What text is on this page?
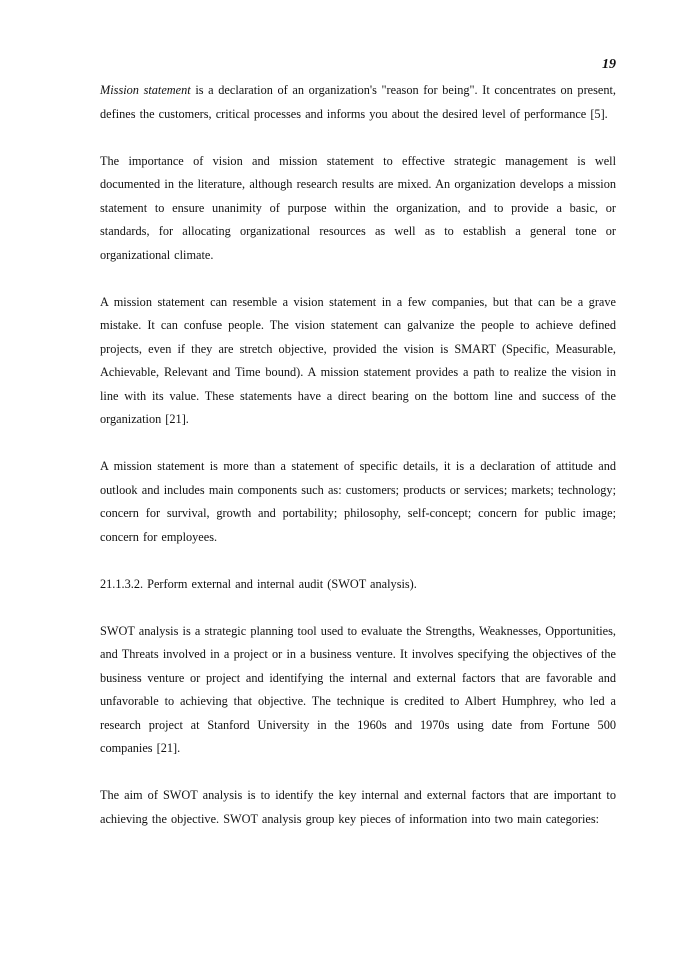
19

Mission statement is a declaration of an organization's "reason for being". It concentrates on present, defines the customers, critical processes and informs you about the desired level of performance [5].

The importance of vision and mission statement to effective strategic management is well documented in the literature, although research results are mixed. An organization develops a mission statement to ensure unanimity of purpose within the organization, and to provide a basic, or standards, for allocating organizational resources as well as to establish a general tone or organizational climate.

A mission statement can resemble a vision statement in a few companies, but that can be a grave mistake. It can confuse people. The vision statement can galvanize the people to achieve defined projects, even if they are stretch objective, provided the vision is SMART (Specific, Measurable, Achievable, Relevant and Time bound). A mission statement provides a path to realize the vision in line with its value. These statements have a direct bearing on the bottom line and success of the organization [21].

A mission statement is more than a statement of specific details, it is a declaration of attitude and outlook and includes main components such as: customers; products or services; markets; technology; concern for survival, growth and portability; philosophy, self-concept; concern for public image; concern for employees.

21.1.3.2. Perform external and internal audit (SWOT analysis).

SWOT analysis is a strategic planning tool used to evaluate the Strengths, Weaknesses, Opportunities, and Threats involved in a project or in a business venture. It involves specifying the objectives of the business venture or project and identifying the internal and external factors that are favorable and unfavorable to achieving that objective. The technique is credited to Albert Humphrey, who led a research project at Stanford University in the 1960s and 1970s using date from Fortune 500 companies [21].

The aim of SWOT analysis is to identify the key internal and external factors that are important to achieving the objective. SWOT analysis group key pieces of information into two main categories:
